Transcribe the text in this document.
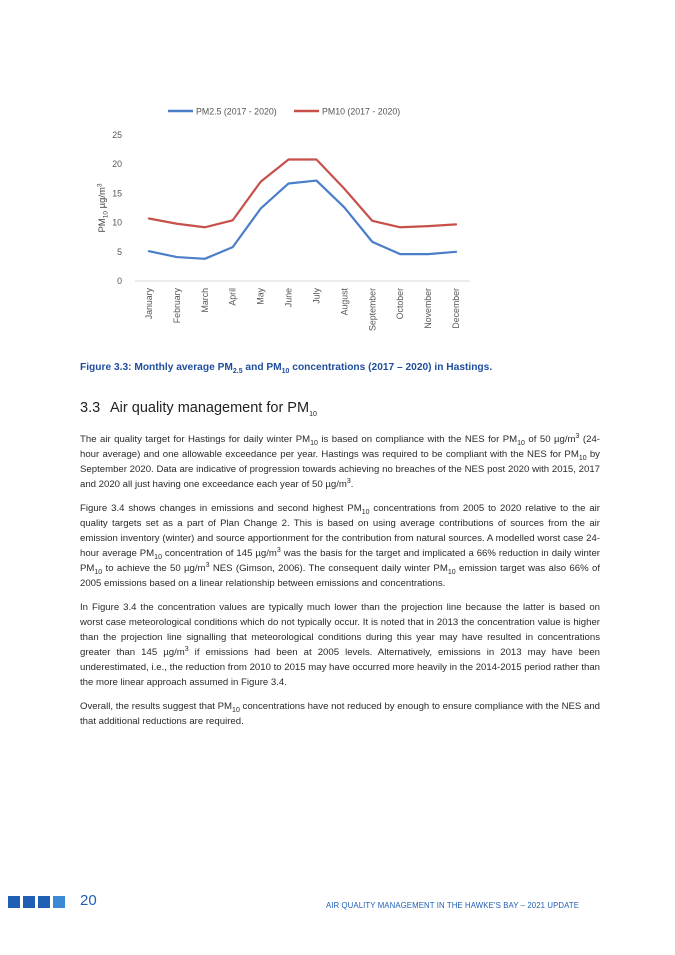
PM2.5 (2017 - 2020)	PM10 (2017 - 2020)
$PM_{10}$ $\mu g/m^3$
0
5
10
15
20
25
January February March April May June July August September October November December
Figure 3.3: Monthly average $PM_{2.5}$ and $PM_{10}$ concentrations (2017 – 2020) in Hastings.
3.3 Air quality management for $PM_{10}$

The air quality target for Hastings for daily winter $PM_{10}$ is based on compliance with the NES for $PM_{10}$ of 50 $\mu g/m^3$ (24-hour average) and one allowable exceedance per year. Hastings was required to be compliant with the NES for $PM_{10}$ by September 2020. Data are indicative of progression towards achieving no breaches of the NES post 2020 with 2015, 2017 and 2020 all just having one exceedance each year of 50 $\mu g/m^3$.

Figure 3.4 shows changes in emissions and second highest $PM_{10}$ concentrations from 2005 to 2020 relative to the air quality targets set as a part of Plan Change 2. This is based on using average contributions of sources from the air emission inventory (winter) and source apportionment for the contribution from natural sources. A modelled worst case 24-hour average $PM_{10}$ concentration of 145 $\mu g/m^3$ was the basis for the target and implicated a 66% reduction in daily winter $PM_{10}$ to achieve the 50 $\mu g/m^3$ NES (Gimson, 2006). The consequent daily winter $PM_{10}$ emission target was also 66% of 2005 emissions based on a linear relationship between emissions and concentrations.

In Figure 3.4 the concentration values are typically much lower than the projection line because the latter is based on worst case meteorological conditions which do not typically occur. It is noted that in 2013 the concentration value is higher than the projection line signalling that meteorological conditions during this year may have resulted in concentrations greater than 145 $\mu g/m^3$ if emissions had been at 2005 levels. Alternatively, emissions in 2013 may have been underestimated, i.e., the reduction from 2010 to 2015 may have occurred more heavily in the 2014-2015 period rather than the more linear approach assumed in Figure 3.4.

Overall, the results suggest that $PM_{10}$ concentrations have not reduced by enough to ensure compliance with the NES and that additional reductions are required.

20	AIR QUALITY MANAGEMENT IN THE HAWKE’S BAY – 2021 UPDATE
